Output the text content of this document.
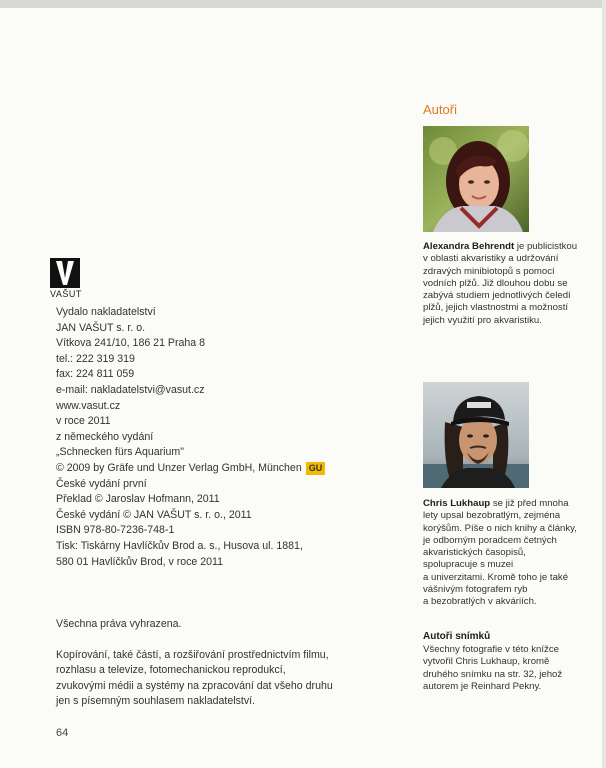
VAŠUT
Vydalo nakladatelství
JAN VAŠUT s. r. o.
Vítkova 241/10, 186 21 Praha 8
tel.: 222 319 319
fax: 224 811 059
e-mail: nakladatelstvi@vasut.cz
www.vasut.cz
v roce 2011
z německého vydání
„Schnecken fürs Aquarium"
© 2009 by Gräfe und Unzer Verlag GmbH, München GU
České vydání první
Překlad © Jaroslav Hofmann, 2011
České vydání © JAN VAŠUT s. r. o., 2011
ISBN 978-80-7236-748-1
Tisk: Tiskárny Havlíčkův Brod a. s., Husova ul. 1881,
580 01 Havlíčkův Brod, v roce 2011
Všechna práva vyhrazena.
Kopírování, také částí, a rozšiřování prostřednictvím filmu,
rozhlasu a televize, fotomechanickou reprodukcí,
zvukovými médii a systémy na zpracování dat všeho druhu
jen s písemným souhlasem nakladatelství.
64
Autoři
Alexandra Behrendt je publicistkou
v oblasti akvaristiky a udržování
zdravých minibiotopů s pomocí
vodních plžů. Již dlouhou dobu se
zabývá studiem jednotlivých čeledí
plžů, jejich vlastnostmi a možností
jejich využití pro akvaristiku.
Chris Lukhaup se již před mnoha
lety upsal bezobratlým, zejména
korýšům. Píše o nich knihy a články,
je odborným poradcem četných
akvaristických časopisů,
spolupracuje s muzei
a univerzitami. Kromě toho je také
vášnivým fotografem ryb
a bezobratlých v akváriích.
Autoři snímků
Všechny fotografie v této knížce
vytvořil Chris Lukhaup, kromě
druhého snímku na str. 32, jehož
autorem je Reinhard Pekny.
